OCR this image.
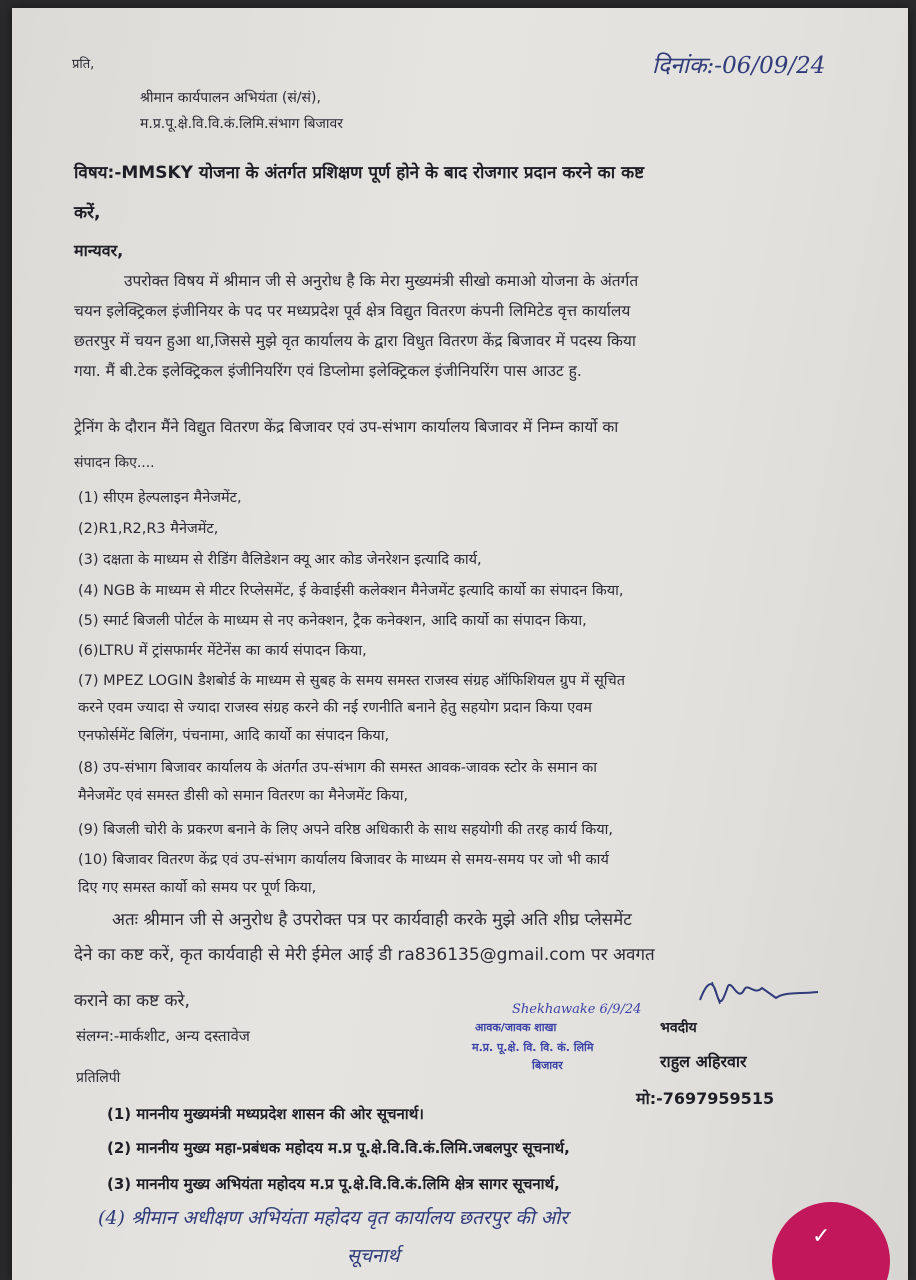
प्रति,	दिनांक:-06/09/24
श्रीमान कार्यपालन अभियंता (सं/सं),
म.प्र.पू.क्षे.वि.वि.कं.लिमि.संभाग बिजावर
विषय:-MMSKY योजना के अंतर्गत प्रशिक्षण पूर्ण होने के बाद रोजगार प्रदान करने का कष्ट
करें,
मान्यवर,
उपरोक्त विषय में श्रीमान जी से अनुरोध है कि मेरा मुख्यमंत्री सीखो कमाओ योजना के अंतर्गत
चयन इलेक्ट्रिकल इंजीनियर के पद पर मध्यप्रदेश पूर्व क्षेत्र विद्युत वितरण कंपनी लिमिटेड वृत्त कार्यालय
छतरपुर में चयन हुआ था,जिससे मुझे वृत कार्यालय के द्वारा विधुत वितरण केंद्र बिजावर में पदस्य किया
गया. मैं बी.टेक इलेक्ट्रिकल इंजीनियरिंग एवं डिप्लोमा इलेक्ट्रिकल इंजीनियरिंग पास आउट हु.
ट्रेनिंग के दौरान मैंने विद्युत वितरण केंद्र बिजावर एवं उप-संभाग कार्यालय बिजावर में निम्न कार्यो का
संपादन किए....
(1) सीएम हेल्पलाइन मैनेजमेंट,
(2)R1,R2,R3 मैनेजमेंट,
(3) दक्षता के माध्यम से रीडिंग वैलिडेशन क्यू आर कोड जेनरेशन इत्यादि कार्य,
(4) NGB के माध्यम से मीटर रिप्लेसमेंट, ई केवाईसी कलेक्शन मैनेजमेंट इत्यादि कार्यो का संपादन किया,
(5) स्मार्ट बिजली पोर्टल के माध्यम से नए कनेक्शन, ट्रैक कनेक्शन, आदि कार्यो का संपादन किया,
(6)LTRU में ट्रांसफार्मर मेंटेनेंस का कार्य संपादन किया,
(7) MPEZ LOGIN डैशबोर्ड के माध्यम से सुबह के समय समस्त राजस्व संग्रह ऑफिशियल ग्रुप में सूचित
करने एवम ज्यादा से ज्यादा राजस्व संग्रह करने की नई रणनीति बनाने हेतु सहयोग प्रदान किया एवम
एनफोर्समेंट बिलिंग, पंचनामा, आदि कार्यो का संपादन किया,
(8) उप-संभाग बिजावर कार्यालय के अंतर्गत उप-संभाग की समस्त आवक-जावक स्टोर के समान का
मैनेजमेंट एवं समस्त डीसी को समान वितरण का मैनेजमेंट किया,
(9) बिजली चोरी के प्रकरण बनाने के लिए अपने वरिष्ठ अधिकारी के साथ सहयोगी की तरह कार्य किया,
(10) बिजावर वितरण केंद्र एवं उप-संभाग कार्यालय बिजावर के माध्यम से समय-समय पर जो भी कार्य
दिए गए समस्त कार्यो को समय पर पूर्ण किया,
अतः श्रीमान जी से अनुरोध है उपरोक्त पत्र पर कार्यवाही करके मुझे अति शीघ्र प्लेसमेंट
देने का कष्ट करें, कृत कार्यवाही से मेरी ईमेल आई डी ra836135@gmail.com पर अवगत
कराने का कष्ट करे,
संलग्न:-मार्कशीट, अन्य दस्तावेज
Shekhawake 6/9/24
आवक/जावक शाखा
म.प्र. पू.क्षे. वि. वि. कं. लिमि
बिजावर
भवदीय
राहुल अहिरवार
प्रतिलिपी
(1) माननीय मुख्यमंत्री मध्यप्रदेश शासन की ओर सूचनार्थ।
मो:-7697959515
(2) माननीय मुख्य महा-प्रबंधक महोदय म.प्र पू.क्षे.वि.वि.कं.लिमि.जबलपुर सूचनार्थ,
(3) माननीय मुख्य अभियंता महोदय म.प्र पू.क्षे.वि.वि.कं.लिमि क्षेत्र सागर सूचनार्थ,
(4) श्रीमान अधीक्षण अभियंता महोदय वृत कार्यालय छतरपुर की ओर
सूचनार्थ
✓
